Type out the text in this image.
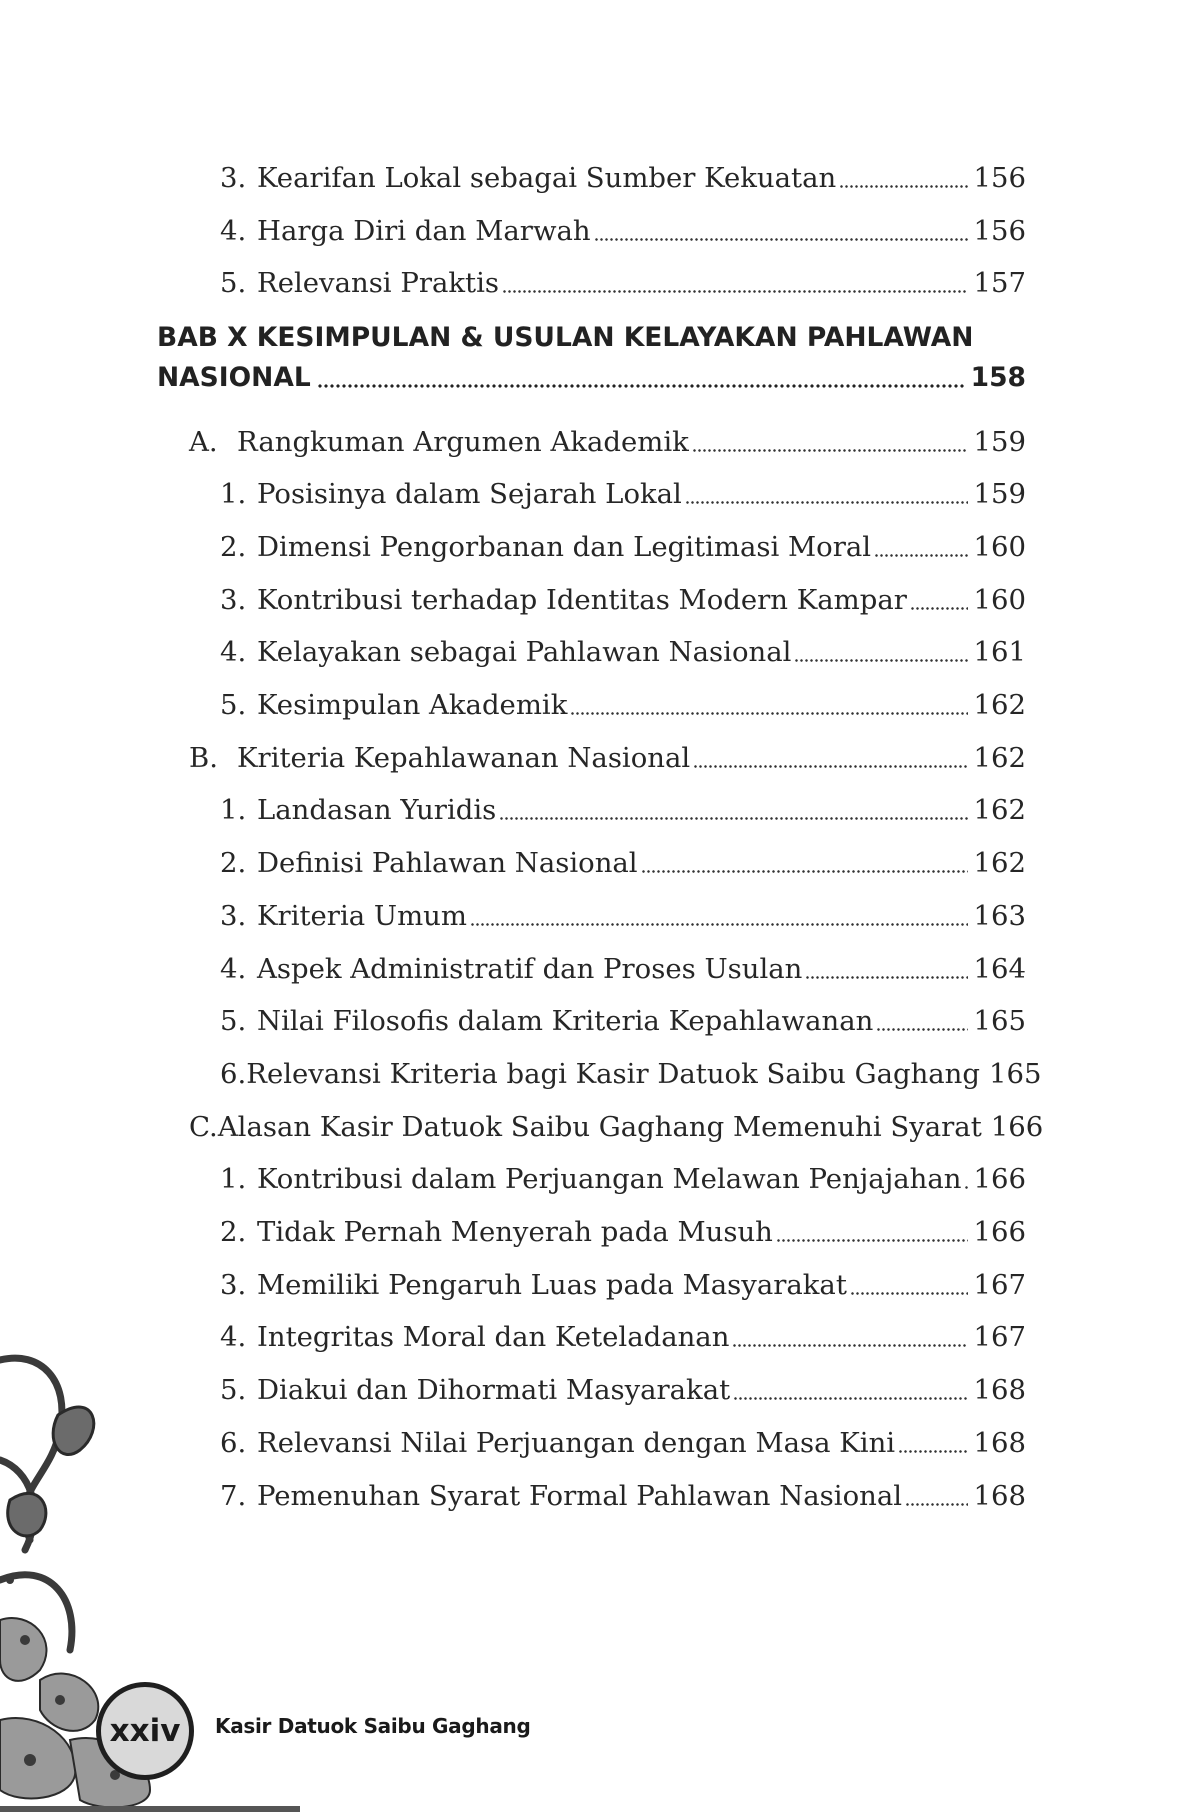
3. Kearifan Lokal sebagai Sumber Kekuatan	156
4. Harga Diri dan Marwah	156
5. Relevansi Praktis	157
BAB X KESIMPULAN & USULAN KELAYAKAN PAHLAWAN
NASIONAL	158
A. Rangkuman Argumen Akademik	159
1. Posisinya dalam Sejarah Lokal	159
2. Dimensi Pengorbanan dan Legitimasi Moral	160
3. Kontribusi terhadap Identitas Modern Kampar 160
4. Kelayakan sebagai Pahlawan Nasional	161
5. Kesimpulan Akademik	162
B. Kriteria Kepahlawanan Nasional	162
1. Landasan Yuridis	162
2. Definisi Pahlawan Nasional	162
3. Kriteria Umum	163
4. Aspek Administratif dan Proses Usulan	164
5. Nilai Filosofis dalam Kriteria Kepahlawanan	165
6. Relevansi Kriteria bagi Kasir Datuok Saibu Gaghang 165
C. Alasan Kasir Datuok Saibu Gaghang Memenuhi Syarat 166
1. Kontribusi dalam Perjuangan Melawan Penjajahan 166
2. Tidak Pernah Menyerah pada Musuh	166
3. Memiliki Pengaruh Luas pada Masyarakat	167
4. Integritas Moral dan Keteladanan	167
5. Diakui dan Dihormati Masyarakat	168
6. Relevansi Nilai Perjuangan dengan Masa Kini	168
7. Pemenuhan Syarat Formal Pahlawan Nasional	168
xxiv Kasir Datuok Saibu Gaghang
